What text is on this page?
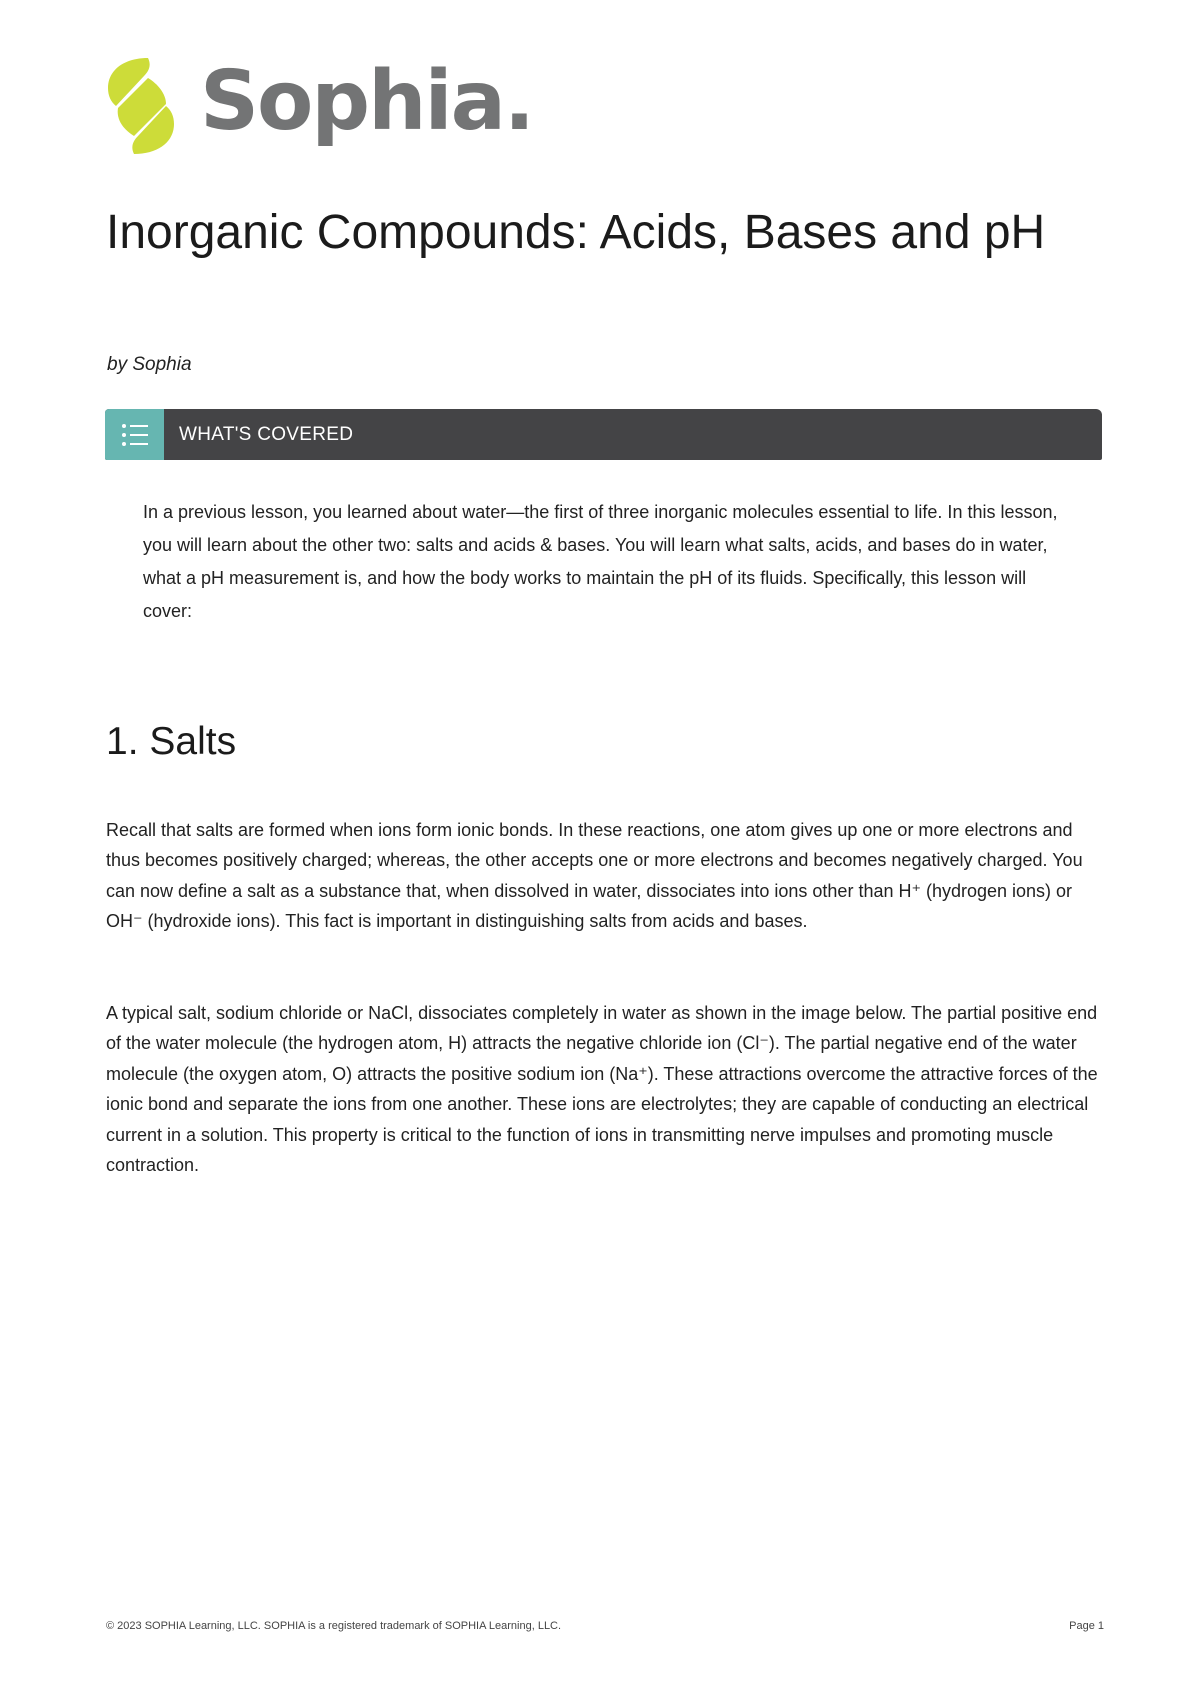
Sophia.
Inorganic Compounds: Acids, Bases and pH
by Sophia
WHAT'S COVERED

In a previous lesson, you learned about water—the first of three inorganic molecules essential to life. In this lesson, you will learn about the other two: salts and acids & bases. You will learn what salts, acids, and bases do in water, what a pH measurement is, and how the body works to maintain the pH of its fluids. Specifically, this lesson will cover:

1. Salts

Recall that salts are formed when ions form ionic bonds. In these reactions, one atom gives up one or more electrons and thus becomes positively charged; whereas, the other accepts one or more electrons and becomes negatively charged. You can now define a salt as a substance that, when dissolved in water, dissociates into ions other than H⁺ (hydrogen ions) or OH⁻ (hydroxide ions). This fact is important in distinguishing salts from acids and bases.

A typical salt, sodium chloride or NaCl, dissociates completely in water as shown in the image below. The partial positive end of the water molecule (the hydrogen atom, H) attracts the negative chloride ion (Cl⁻). The partial negative end of the water molecule (the oxygen atom, O) attracts the positive sodium ion (Na⁺). These attractions overcome the attractive forces of the ionic bond and separate the ions from one another. These ions are electrolytes; they are capable of conducting an electrical current in a solution. This property is critical to the function of ions in transmitting nerve impulses and promoting muscle contraction.

© 2023 SOPHIA Learning, LLC. SOPHIA is a registered trademark of SOPHIA Learning, LLC.	Page 1
